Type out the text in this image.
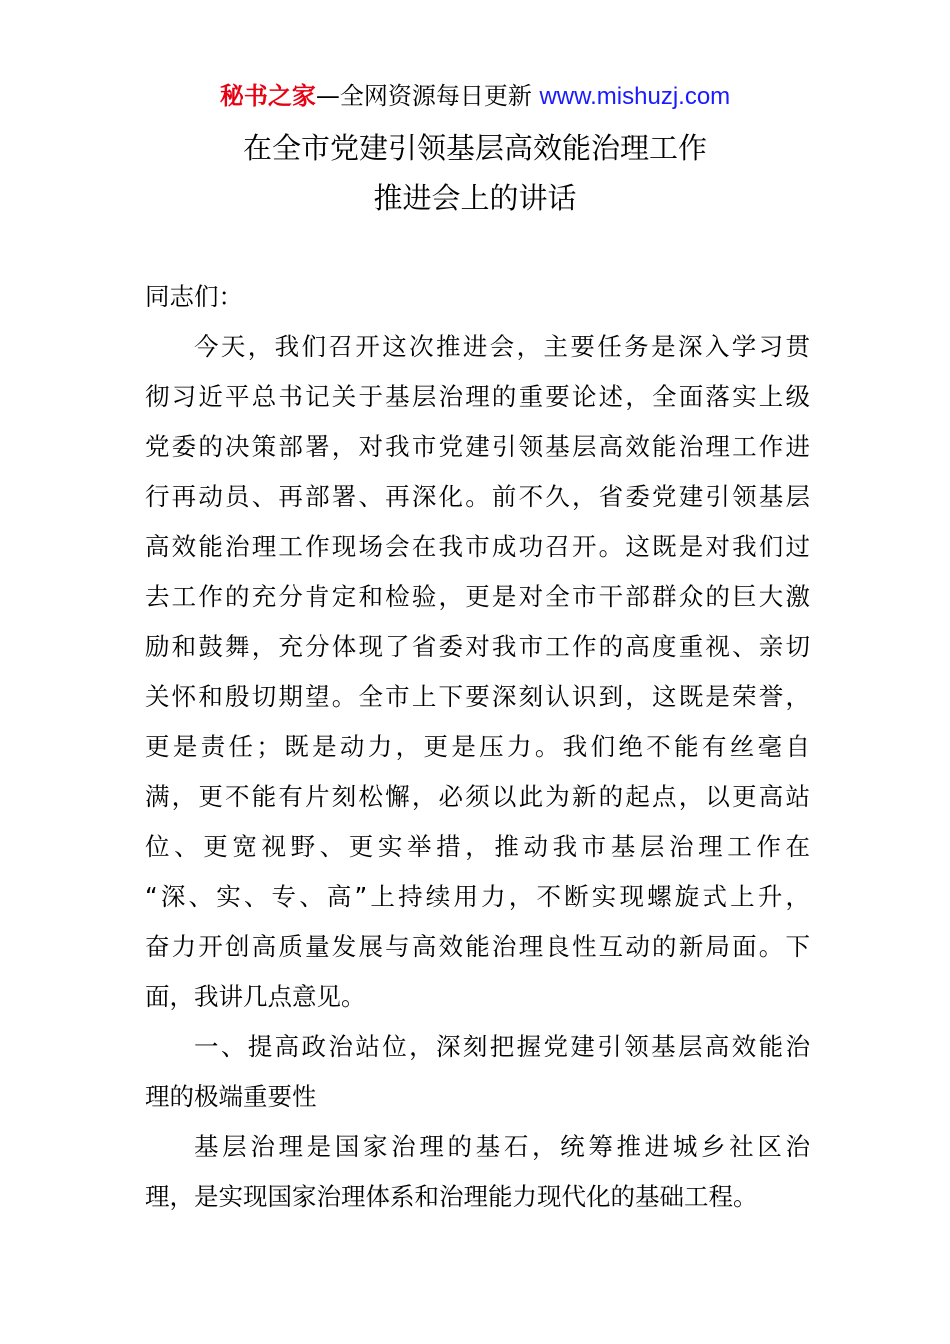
秘书之家—全网资源每日更新 www.mishuzj.com
在全市党建引领基层高效能治理工作
推进会上的讲话
同志们：
今天，我们召开这次推进会，主要任务是深入学习贯
彻习近平总书记关于基层治理的重要论述，全面落实上级
党委的决策部署，对我市党建引领基层高效能治理工作进
行再动员、再部署、再深化。前不久，省委党建引领基层
高效能治理工作现场会在我市成功召开。这既是对我们过
去工作的充分肯定和检验，更是对全市干部群众的巨大激
励和鼓舞，充分体现了省委对我市工作的高度重视、亲切
关怀和殷切期望。全市上下要深刻认识到，这既是荣誉，
更是责任；既是动力，更是压力。我们绝不能有丝毫自
满，更不能有片刻松懈，必须以此为新的起点，以更高站
位、更宽视野、更实举措，推动我市基层治理工作在
“深、实、专、高”上持续用力，不断实现螺旋式上升，
奋力开创高质量发展与高效能治理良性互动的新局面。下
面，我讲几点意见。
一、提高政治站位，深刻把握党建引领基层高效能治
理的极端重要性
基层治理是国家治理的基石，统筹推进城乡社区治
理，是实现国家治理体系和治理能力现代化的基础工程。
